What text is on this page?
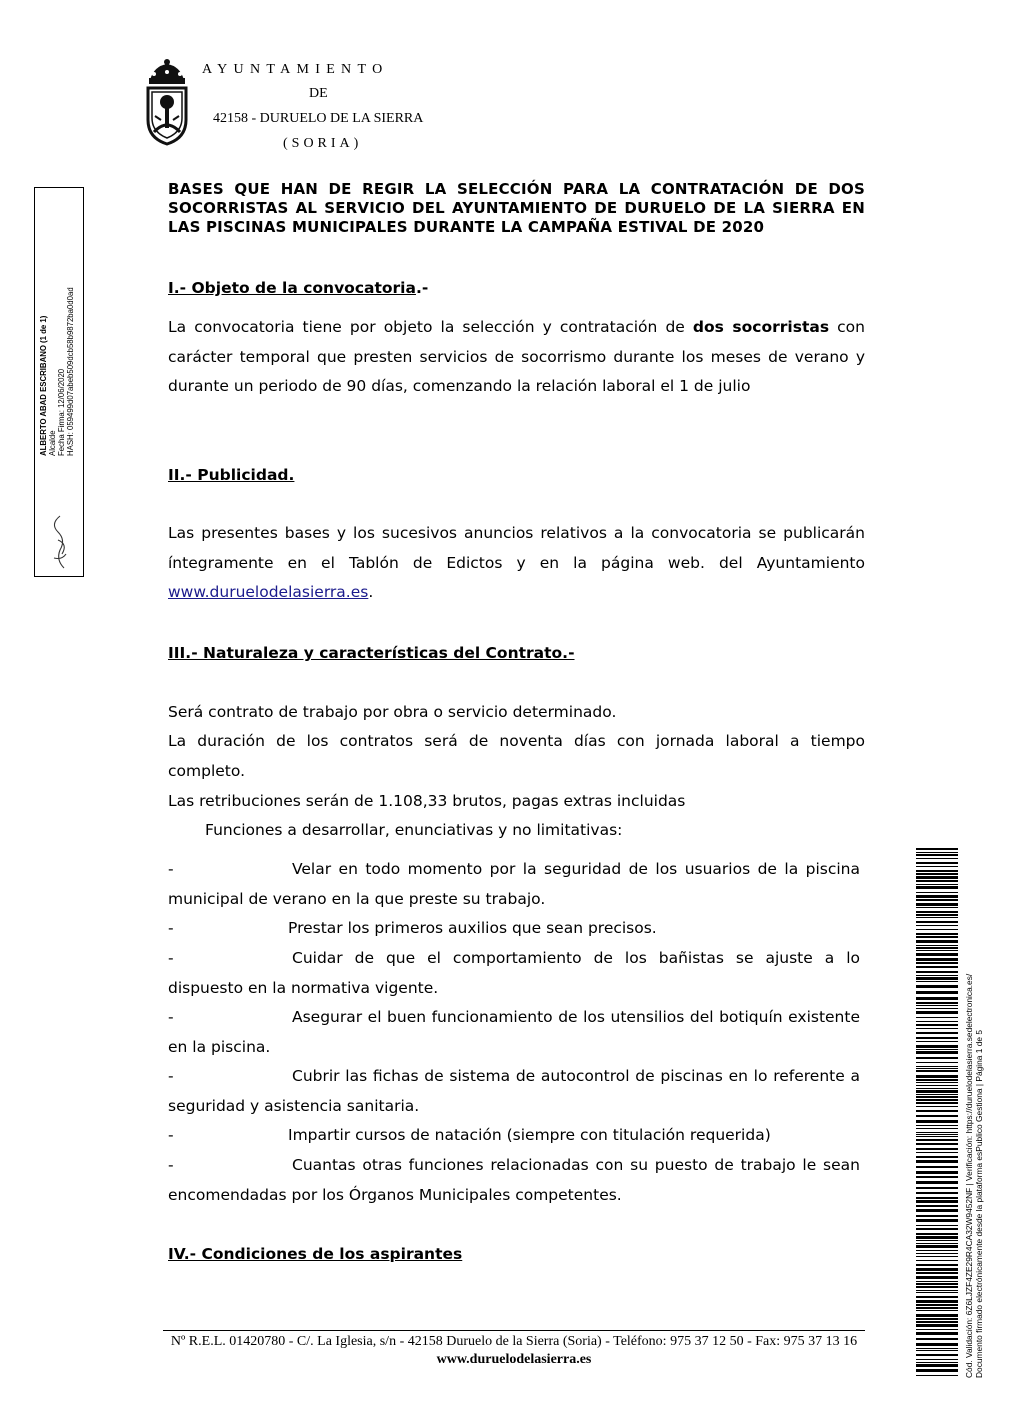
AYUNTAMIENTO
DE
42158 - DURUELO DE LA SIERRA
(SORIA)
ALBERTO ABAD ESCRIBANO (1 de 1) Alcalde Fecha Firma: 12/06/2020 HASH: 059499d07abeb509dcb58b9872ba0d0ad
BASES QUE HAN DE REGIR LA SELECCIÓN PARA LA CONTRATACIÓN DE DOS SOCORRISTAS AL SERVICIO DEL AYUNTAMIENTO DE DURUELO DE LA SIERRA EN LAS PISCINAS MUNICIPALES DURANTE LA CAMPAÑA ESTIVAL DE 2020
I.- Objeto de la convocatoria.-
La convocatoria tiene por objeto la selección y contratación de dos socorristas con carácter temporal que presten servicios de socorrismo durante los meses de verano y durante un periodo de 90 días, comenzando la relación laboral el 1 de julio
II.- Publicidad.
Las presentes bases y los sucesivos anuncios relativos a la convocatoria se publicarán íntegramente en el Tablón de Edictos y en la página web. del Ayuntamiento www.duruelodelasierra.es.
III.- Naturaleza y características del Contrato.-
Será contrato de trabajo por obra o servicio determinado.
La duración de los contratos será de noventa días con jornada laboral a tiempo completo.
Las retribuciones serán de 1.108,33 brutos, pagas extras incluidas
Funciones a desarrollar, enunciativas y no limitativas:
-	Velar en todo momento por la seguridad de los usuarios de la piscina municipal de verano en la que preste su trabajo.
-	Prestar los primeros auxilios que sean precisos.
-	Cuidar de que el comportamiento de los bañistas se ajuste a lo dispuesto en la normativa vigente.
-	Asegurar el buen funcionamiento de los utensilios del botiquín existente en la piscina.
-	Cubrir las fichas de sistema de autocontrol de piscinas en lo referente a seguridad y asistencia sanitaria.
-	Impartir cursos de natación (siempre con titulación requerida)
-	Cuantas otras funciones relacionadas con su puesto de trabajo le sean encomendadas por los Órganos Municipales competentes.
IV.- Condiciones de los aspirantes
Nº R.E.L. 01420780 - C/. La Iglesia, s/n - 42158 Duruelo de la Sierra (Soria) - Teléfono: 975 37 12 50 - Fax: 975 37 13 16
www.duruelodelasierra.es	Cód. Validación: 6Z6LJZF4ZE29R4CA32W9452NF | Verificación: https://duruelodelasierra.sedelectronica.es/ Documento firmado electrónicamente desde la plataforma esPublico Gestiona | Página 1 de 5
